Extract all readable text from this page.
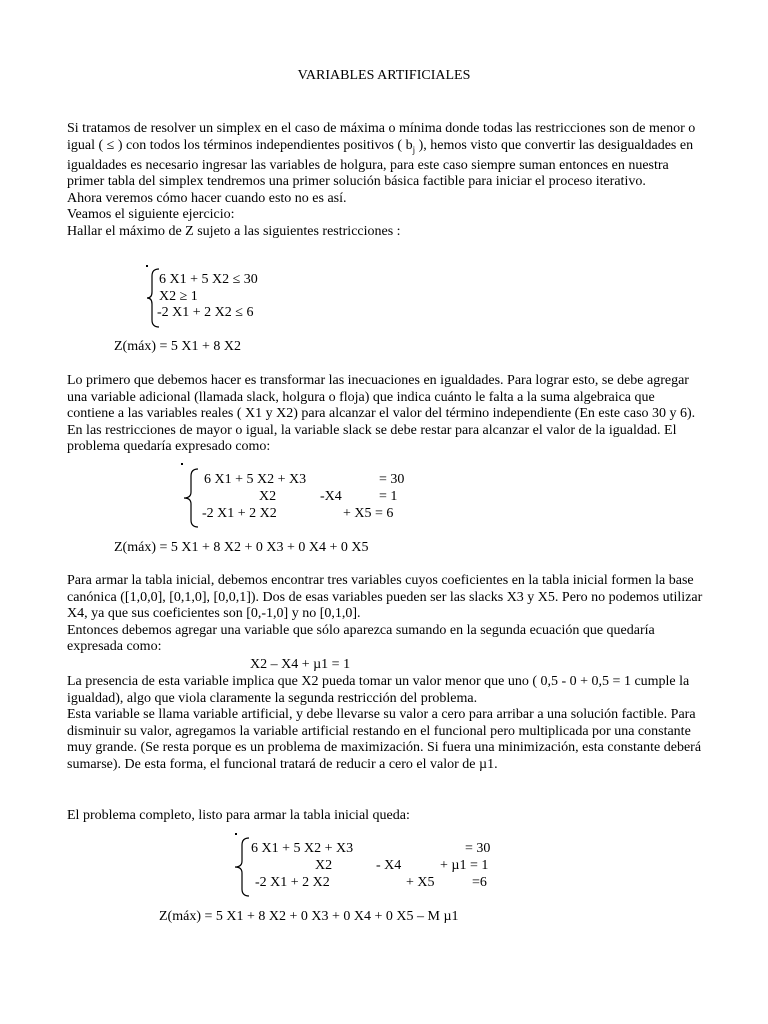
VARIABLES ARTIFICIALES

Si tratamos de resolver un simplex en el caso de máxima o mínima donde todas las restricciones son de menor o igual ( ≤ ) con todos los términos independientes positivos ( $b_j$ ), hemos visto que convertir las desigualdades en igualdades es necesario ingresar las variables de holgura, para este caso siempre suman entonces en nuestra primer tabla del simplex tendremos una primer solución básica factible para iniciar el proceso iterativo.

Ahora veremos cómo hacer cuando esto no es así.

Veamos el siguiente ejercicio:

Hallar el máximo de Z sujeto a las siguientes restricciones :

6 X1 + 5 X2 ≤ 30
X2 ≥ 1
-2 X1 + 2 X2 ≤ 6
Z(máx) = 5 X1 + 8 X2
Lo primero que debemos hacer es transformar las inecuaciones en igualdades. Para lograr esto, se debe agregar una variable adicional (llamada slack, holgura o floja) que indica cuánto le falta a la suma algebraica que contiene a las variables reales ( X1 y X2) para alcanzar el valor del término independiente (En este caso 30 y 6). En las restricciones de mayor o igual, la variable slack se debe restar para alcanzar el valor de la igualdad. El problema quedaría expresado como:
6 X1 + 5 X2 + X3	= 30
X2	-X4	= 1
-2 X1 + 2 X2	+ X5 = 6
Z(máx) = 5 X1 + 8 X2 + 0 X3 + 0 X4 + 0 X5

Para armar la tabla inicial, debemos encontrar tres variables cuyos coeficientes en la tabla inicial formen la base canónica ([1,0,0], [0,1,0], [0,0,1]). Dos de esas variables pueden ser las slacks X3 y X5. Pero no podemos utilizar X4, ya que sus coeficientes son [0,-1,0] y no [0,1,0].

Entonces debemos agregar una variable que sólo aparezca sumando en la segunda ecuación que quedaría expresada como:

X2 – X4 + µ1 = 1

La presencia de esta variable implica que X2 pueda tomar un valor menor que uno ( 0,5 - 0 + 0,5 = 1 cumple la igualdad), algo que viola claramente la segunda restricción del problema.

Esta variable se llama variable artificial, y debe llevarse su valor a cero para arribar a una solución factible. Para disminuir su valor, agregamos la variable artificial restando en el funcional pero multiplicada por una constante muy grande. (Se resta porque es un problema de maximización. Si fuera una minimización, esta constante deberá sumarse). De esta forma, el funcional tratará de reducir a cero el valor de µ1.

El problema completo, listo para armar la tabla inicial queda:
6 X1 + 5 X2 + X3	= 30
X2	- X4	+ µ1 = 1
-2 X1 + 2 X2	+ X5	=6
Z(máx) = 5 X1 + 8 X2 + 0 X3 + 0 X4 + 0 X5 – M µ1
